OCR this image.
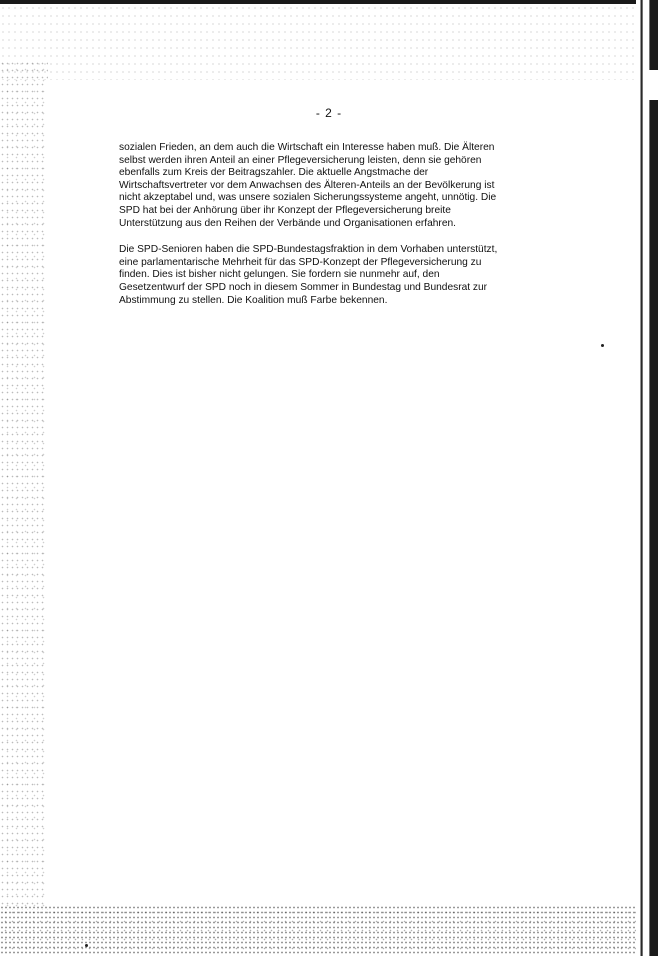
- 2 -

sozialen Frieden, an dem auch die Wirtschaft ein Interesse haben muß. Die Älteren
selbst werden ihren Anteil an einer Pflegeversicherung leisten, denn sie gehören
ebenfalls zum Kreis der Beitragszahler. Die aktuelle Angstmache der
Wirtschaftsvertreter vor dem Anwachsen des Älteren-Anteils an der Bevölkerung ist
nicht akzeptabel und, was unsere sozialen Sicherungssysteme angeht, unnötig. Die
SPD hat bei der Anhörung über ihr Konzept der Pflegeversicherung breite
Unterstützung aus den Reihen der Verbände und Organisationen erfahren.

Die SPD-Senioren haben die SPD-Bundestagsfraktion in dem Vorhaben unterstützt,
eine parlamentarische Mehrheit für das SPD-Konzept der Pflegeversicherung zu
finden. Dies ist bisher nicht gelungen. Sie fordern sie nunmehr auf, den
Gesetzentwurf der SPD noch in diesem Sommer in Bundestag und Bundesrat zur
Abstimmung zu stellen. Die Koalition muß Farbe bekennen.
